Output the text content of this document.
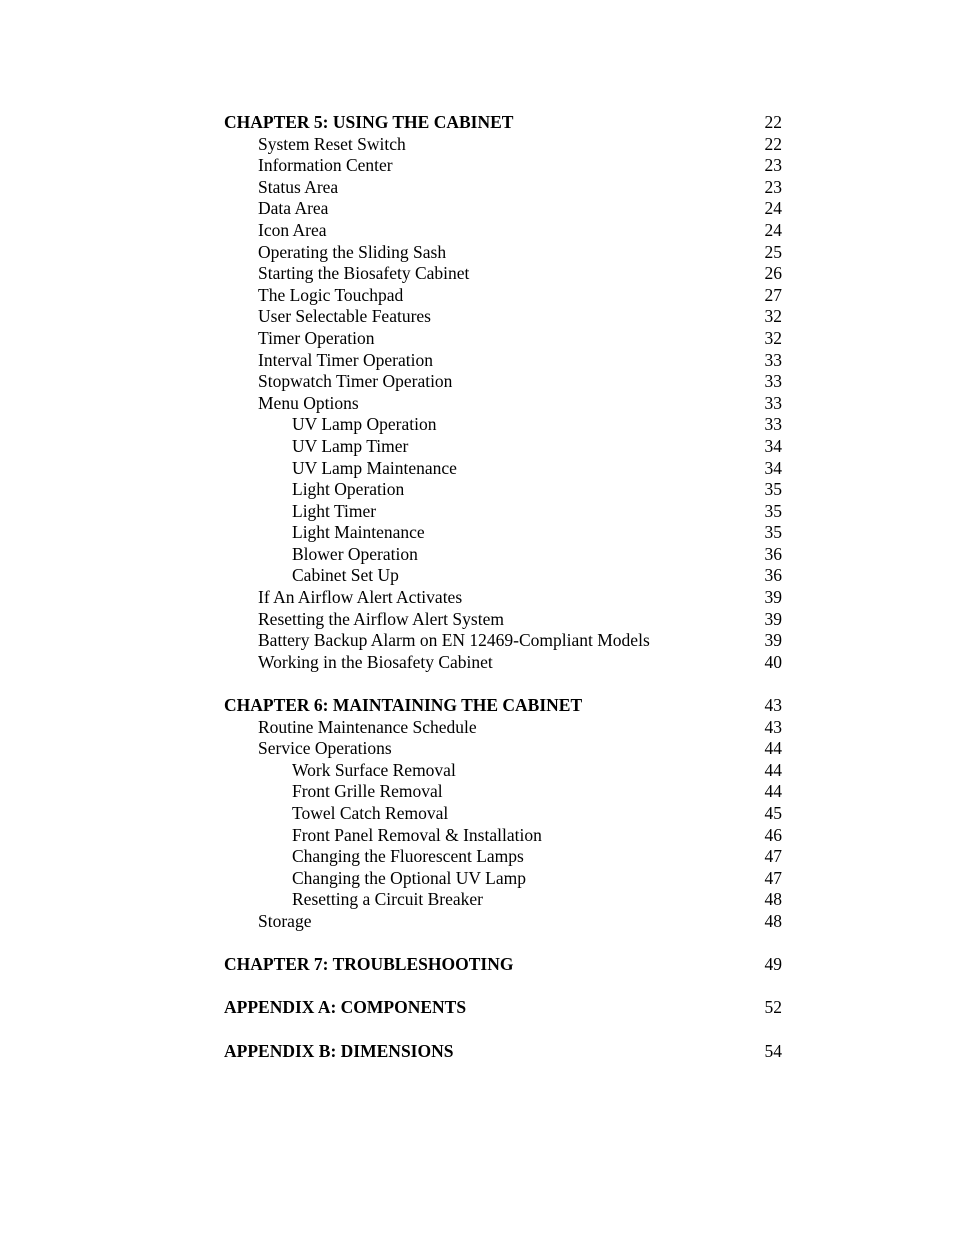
CHAPTER 5: USING THE CABINET	22
System Reset Switch	22
Information Center	23
Status Area	23
Data Area	24
Icon Area	24
Operating the Sliding Sash	25
Starting the Biosafety Cabinet	26
The Logic Touchpad	27
User Selectable Features	32
Timer Operation	32
Interval Timer Operation	33
Stopwatch Timer Operation	33
Menu Options	33
UV Lamp Operation	33
UV Lamp Timer	34
UV Lamp Maintenance	34
Light Operation	35
Light Timer	35
Light Maintenance	35
Blower Operation	36
Cabinet Set Up	36
If An Airflow Alert Activates	39
Resetting the Airflow Alert System	39
Battery Backup Alarm on EN 12469-Compliant Models	39
Working in the Biosafety Cabinet	40
CHAPTER 6: MAINTAINING THE CABINET	43
Routine Maintenance Schedule	43
Service Operations	44
Work Surface Removal	44
Front Grille Removal	44
Towel Catch Removal	45
Front Panel Removal & Installation	46
Changing the Fluorescent Lamps	47
Changing the Optional UV Lamp	47
Resetting a Circuit Breaker	48
Storage	48
CHAPTER 7: TROUBLESHOOTING	49
APPENDIX A: COMPONENTS	52
APPENDIX B: DIMENSIONS	54
